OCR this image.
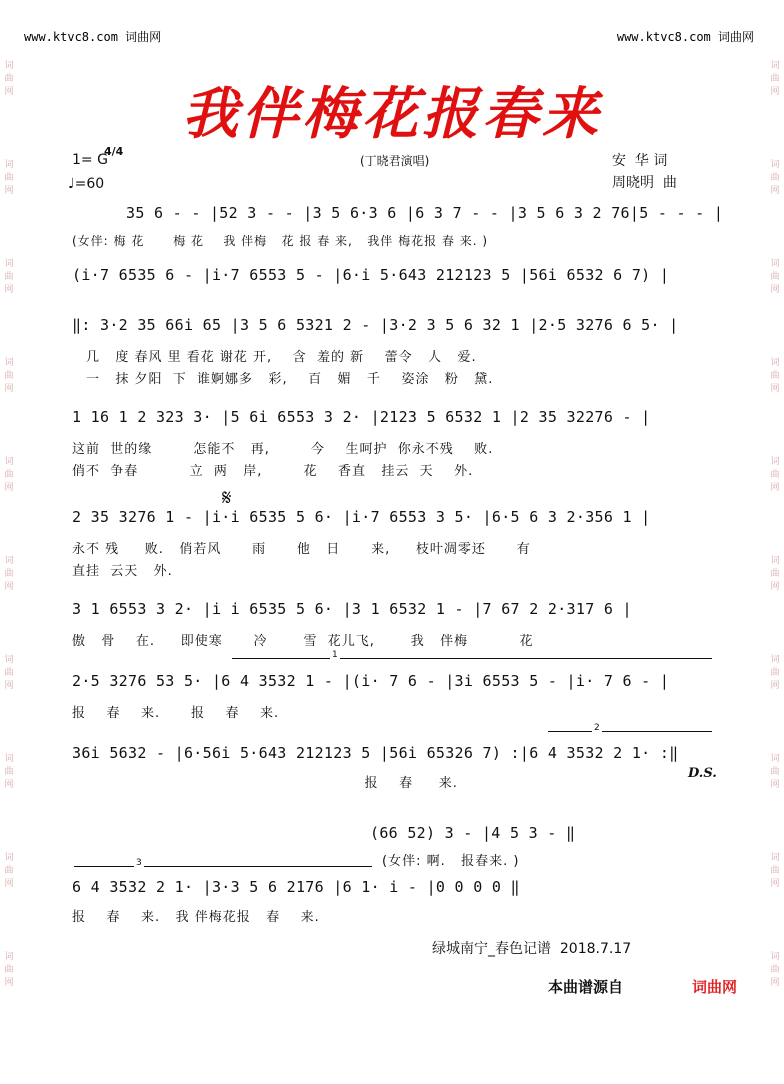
www.ktvc8.com 词曲网	www.ktvc8.com 词曲网
词
曲
网
词
曲
网
词
曲
网
词
曲
网
词
曲
网
词
曲
网
词
曲
网
词
曲
网
词
曲
网
词
曲
网
词
曲
网
词
曲
网
词
曲
网
词
曲
网
词
曲
网
词
曲
网
词
曲
网
词
曲
网
词
曲
网
词
曲
网
我伴梅花报春来
1= G
4/4
♩=60
(丁晓君演唱)	安  华 词
周晓明  曲
𝄋
1
2
3
35 6 - - |52 3 - - |3 5 6·3 6 |6 3 7 - - |3 5 6 3 2 76|5 - - - |
(女伴: 梅 花      梅 花    我 伴梅   花 报 春 来,   我伴 梅花报 春 来. )
(i·7 6535 6 - |i·7 6553 5 - |6·i 5·643 212123 5 |56i 6532 6 7) |
‖: 3·2 35 66i 65 |3 5 6 5321 2 - |3·2 3 5 6 32 1 |2·5 3276 6 5· |
几   度 春风 里 看花 谢花 开,    含  羞的 新    蕾令   人   爱.
一   抹 夕阳  下  谁婀娜多   彩,    百   媚   千    姿涂   粉   黛.
1 16 1 2 323 3· |5 6i 6553 3 2· |2123 5 6532 1 |2 35 32276 - |
这前  世的缘        怎能不   再,        今    生呵护  你永不残    败.
俏不  争春          立  两   岸,        花    香直   挂云  天    外.
2 35 3276 1 - |i·i 6535 5 6· |i·7 6553 3 5· |6·5 6 3 2·356 1 |
永不 残     败.   俏若风      雨      他   日      来,     枝叶凋零还      有
直挂  云天   外.
3 1 6553 3 2· |i i 6535 5 6· |3 1 6532 1 - |7 67 2 2·317 6 |
傲   骨    在.     即使寒      冷       雪  花儿飞,       我   伴梅          花
2·5 3276 53 5· |6 4 3532 1 - |(i· 7 6 - |3i 6553 5 - |i· 7 6 - |
报    春    来.      报    春    来.
36i 5632 - |6·56i 5·643 212123 5 |56i 65326 7) :|6 4 3532 2 1· :‖
报    春     来.
D.S.
(66 52) 3 - |4 5 3 - ‖
(女伴: 啊.   报春来. )
6 4 3532 2 1· |3·3 5 6 2176 |6 1· i - |0 0 0 0 ‖
报    春    来.   我 伴梅花报   春    来.
绿城南宁_春色记谱  2018.7.17
本曲谱源自	词曲网
